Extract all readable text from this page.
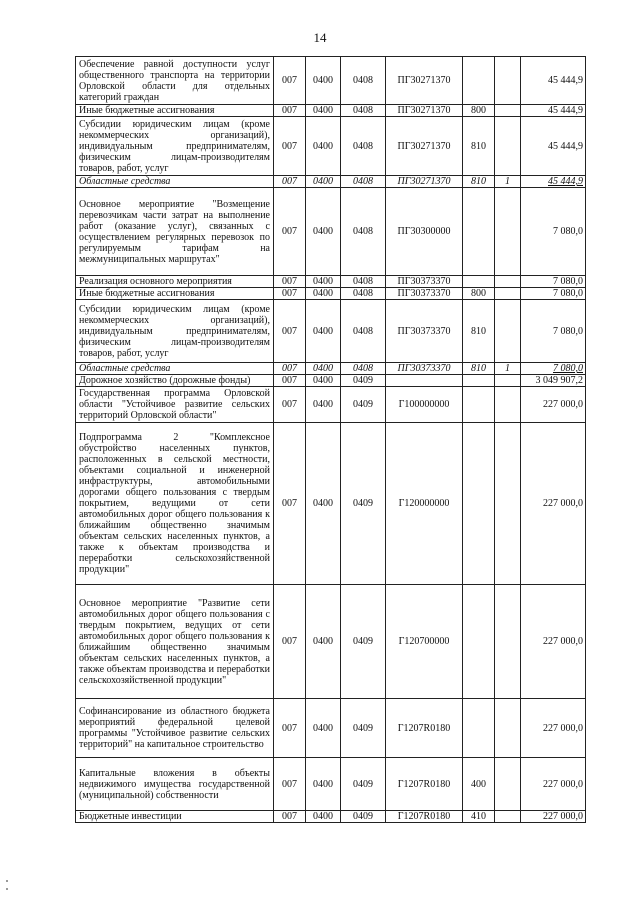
14
Обеспечение равной доступности услуг общественного транспорта на территории Орловской области для отдельных категорий граждан	007	0400	0408	ПГ30271370			45 444,9
Иные бюджетные ассигнования	007	0400	0408	ПГ30271370	800		45 444,9
Субсидии юридическим лицам (кроме некоммерческих организаций), индивидуальным предпринимателям, физическим лицам-производителям товаров, работ, услуг	007	0400	0408	ПГ30271370	810		45 444,9
Областные средства	007	0400	0408	ПГ30271370	810	1	45 444,9
Основное мероприятие "Возмещение перевозчикам части затрат на выполнение работ (оказание услуг), связанных с осуществлением регулярных перевозок по регулируемым тарифам на межмуниципальных маршрутах"	007	0400	0408	ПГ30300000			7 080,0
Реализация основного мероприятия	007	0400	0408	ПГ30373370			7 080,0
Иные бюджетные ассигнования	007	0400	0408	ПГ30373370	800		7 080,0
Субсидии юридическим лицам (кроме некоммерческих организаций), индивидуальным предпринимателям, физическим лицам-производителям товаров, работ, услуг	007	0400	0408	ПГ30373370	810		7 080,0
Областные средства	007	0400	0408	ПГ30373370	810	1	7 080,0
Дорожное хозяйство (дорожные фонды)	007	0400	0409				3 049 907,2
Государственная программа Орловской области "Устойчивое развитие сельских территорий Орловской области"	007	0400	0409	Г100000000			227 000,0
Подпрограмма 2 "Комплексное обустройство населенных пунктов, расположенных в сельской местности, объектами социальной и инженерной инфраструктуры, автомобильными дорогами общего пользования с твердым покрытием, ведущими от сети автомобильных дорог общего пользования к ближайшим общественно значимым объектам сельских населенных пунктов, а также к объектам производства и переработки сельскохозяйственной продукции"	007	0400	0409	Г120000000			227 000,0
Основное мероприятие "Развитие сети автомобильных дорог общего пользования с твердым покрытием, ведущих от сети автомобильных дорог общего пользования к ближайшим общественно значимым объектам сельских населенных пунктов, а также объектам производства и переработки сельскохозяйственной продукции"	007	0400	0409	Г120700000			227 000,0
Софинансирование из областного бюджета мероприятий федеральной целевой программы "Устойчивое развитие сельских территорий" на капитальное строительство	007	0400	0409	Г1207R0180			227 000,0
Капитальные вложения в объекты недвижимого имущества государственной (муниципальной) собственности	007	0400	0409	Г1207R0180	400		227 000,0
Бюджетные инвестиции	007	0400	0409	Г1207R0180	410		227 000,0
